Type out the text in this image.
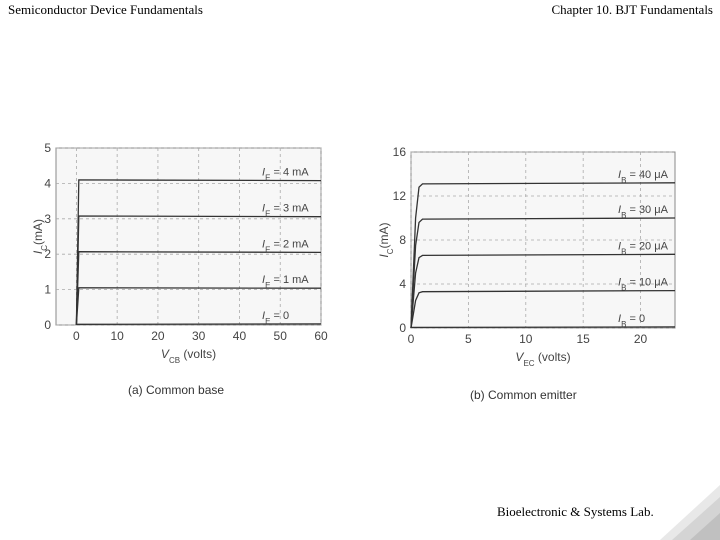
Semiconductor Device Fundamentals	Chapter 10. BJT Fundamentals
0	10 20 30 40 50 60
0
1
2
3
4
5
$I_E = 4$ mA
$I_E = 3$ mA
$I_E = 2$ mA
$I_E = 1$ mA
$I_E = 0$
$V_{CB}$ (volts)
$I_C(mA)$
(a) Common base
0	5	10	15	20
0
4
8
12
16
$I_B = 40$ μA
$I_B = 30$ μA
$I_B = 20$ μA
$I_B = 10$ μA
$I_B = 0$
$V_{EC}$ (volts)
$I_C(mA)$
(b) Common emitter
Bioelectronic & Systems Lab.
